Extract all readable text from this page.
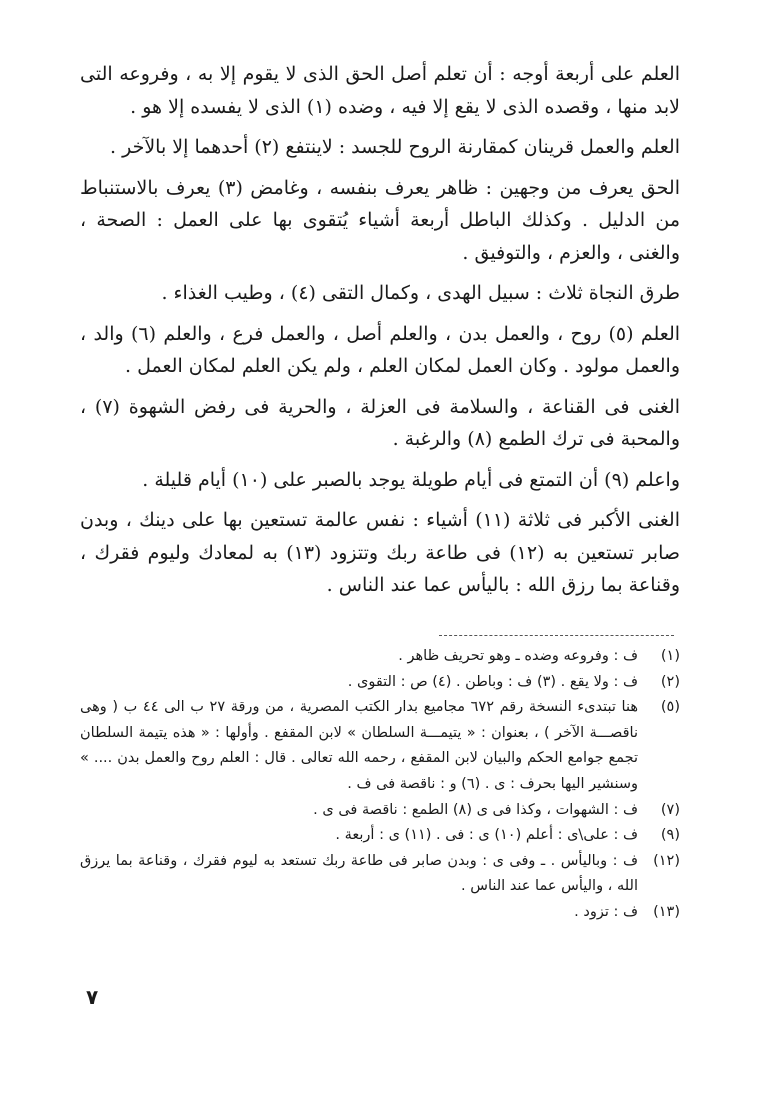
العلم على أربعة أوجه : أن تعلم أصل الحق الذى لا يقوم إلا به ، وفروعه التى لابد منها ، وقصده الذى لا يقع إلا فيه ، وضده (١) الذى لا يفسده إلا هو .

العلم والعمل قرينان كمقارنة الروح للجسد : لاينتفع (٢) أحدهما إلا بالآخر .

الحق يعرف من وجهين : ظاهر يعرف بنفسه ، وغامض (٣) يعرف بالاستنباط من الدليل . وكذلك الباطل أربعة أشياء يُتقوى بها على العمل : الصحة ، والغنى ، والعزم ، والتوفيق .

طرق النجاة ثلاث : سبيل الهدى ، وكمال التقى (٤) ، وطيب الغذاء .

العلم (٥) روح ، والعمل بدن ، والعلم أصل ، والعمل فرع ، والعلم (٦) والد ، والعمل مولود . وكان العمل لمكان العلم ، ولم يكن العلم لمكان العمل .

الغنى فى القناعة ، والسلامة فى العزلة ، والحرية فى رفض الشهوة (٧) ، والمحبة فى ترك الطمع (٨) والرغبة .

واعلم (٩) أن التمتع فى أيام طويلة يوجد بالصبر على (١٠) أيام قليلة .

الغنى الأكبر فى ثلاثة (١١) أشياء : نفس عالمة تستعين بها على دينك ، وبدن صابر تستعين به (١٢) فى طاعة ربك وتتزود (١٣) به لمعادك وليوم فقرك ، وقناعة بما رزق الله : باليأس عما عند الناس .

(١)
ف : وفروعه وضده ـ وهو تحريف ظاهر .
(٢)
ف : ولا يقع . (٣) ف : وباطن . (٤) ص : التقوى .
(٥)
هنا تبتدىء النسخة رقم ٦٧٢ مجاميع بدار الكتب المصرية ، من ورقة ٢٧ ب الى ٤٤ ب ( وهى ناقصـــة الآخر ) ، بعنوان : « يتيمـــة السلطان » لابن المقفع . وأولها : « هذه يتيمة السلطان تجمع جوامع الحكم والبيان لابن المقفع ، رحمه الله تعالى . قال : العلم روح والعمل بدن .... » وسنشير اليها بحرف : ى . (٦) و : ناقصة فى ف .
(٧)
ف : الشهوات ، وكذا فى ى (٨) الطمع : ناقصة فى ى .
(٩)
ف : على\ى : أعلم (١٠) ى : فى . (١١) ى : أربعة .
(١٢)
ف : وباليأس . ـ وفى ى : وبدن صابر فى طاعة ربك تستعد به ليوم فقرك ، وقناعة بما يرزق الله ، واليأس عما عند الناس .
(١٣)
ف : تزود .
٧
